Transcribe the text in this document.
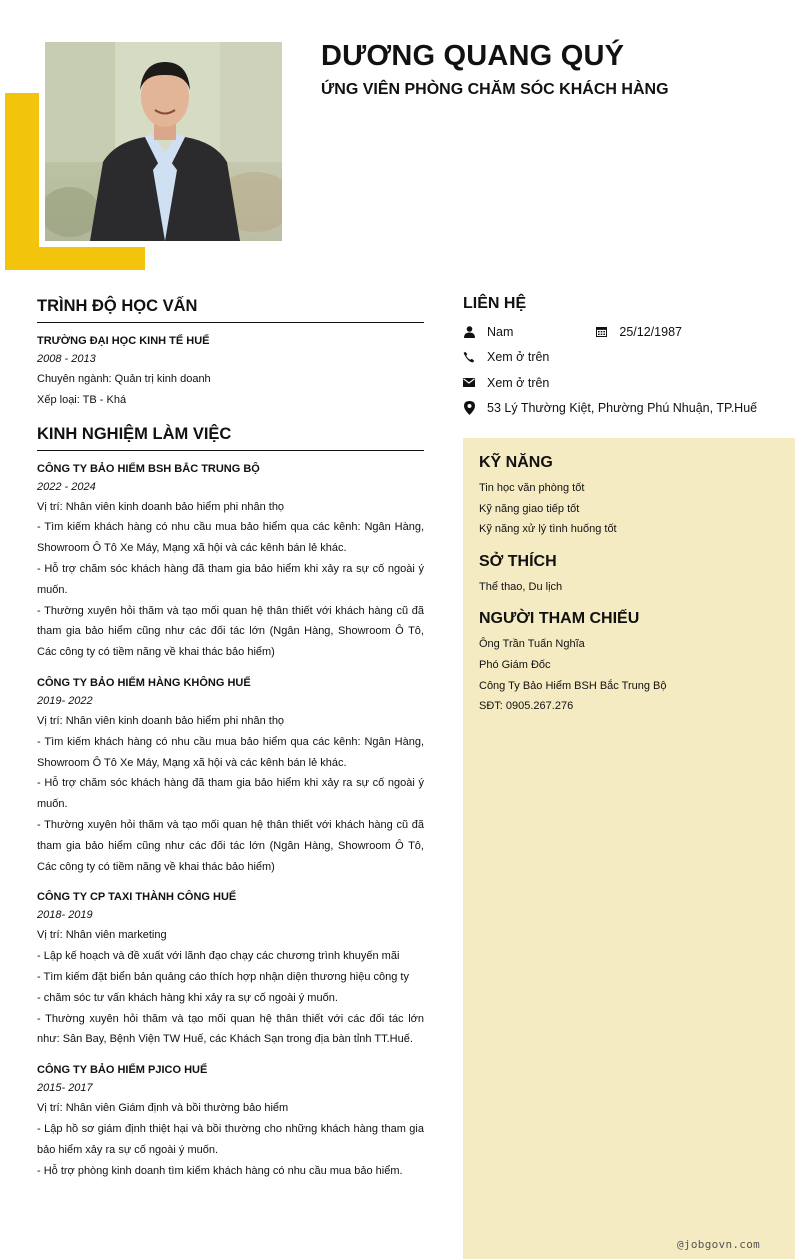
DƯƠNG QUANG QUÝ
ỨNG VIÊN PHÒNG CHĂM SÓC KHÁCH HÀNG
TRÌNH ĐỘ HỌC VẤN
TRƯỜNG ĐẠI HỌC KINH TẾ HUẾ
2008 - 2013
Chuyên ngành: Quản trị kinh doanh
Xếp loại: TB - Khá
KINH NGHIỆM LÀM VIỆC
CÔNG TY BẢO HIỂM BSH BẮC TRUNG BỘ
2022 - 2024
Vị trí: Nhân viên kinh doanh bảo hiểm phi nhân thọ
- Tìm kiếm khách hàng có nhu cầu mua bảo hiểm qua các kênh: Ngân Hàng, Showroom Ô Tô Xe Máy, Mạng xã hội và các kênh bán lẻ khác.
- Hỗ trợ chăm sóc khách hàng đã tham gia bảo hiểm khi xảy ra sự cố ngoài ý muốn.
- Thường xuyên hỏi thăm và tạo mối quan hệ thân thiết với khách hàng cũ đã tham gia bảo hiểm cũng như các đối tác lớn (Ngân Hàng, Showroom Ô Tô, Các công ty có tiềm năng về khai thác bảo hiểm)
CÔNG TY BẢO HIỂM HÀNG KHÔNG HUẾ
2019- 2022
Vị trí: Nhân viên kinh doanh bảo hiểm phi nhân thọ
- Tìm kiếm khách hàng có nhu cầu mua bảo hiểm qua các kênh: Ngân Hàng, Showroom Ô Tô Xe Máy, Mạng xã hội và các kênh bán lẻ khác.
- Hỗ trợ chăm sóc khách hàng đã tham gia bảo hiểm khi xảy ra sự cố ngoài ý muốn.
- Thường xuyên hỏi thăm và tạo mối quan hệ thân thiết với khách hàng cũ đã tham gia bảo hiểm cũng như các đối tác lớn (Ngân Hàng, Showroom Ô Tô, Các công ty có tiềm năng về khai thác bảo hiểm)
CÔNG TY CP TAXI THÀNH CÔNG HUẾ
2018- 2019
Vị trí: Nhân viên marketing
- Lập kế hoạch và đề xuất với lãnh đạo chạy các chương trình khuyến mãi
- Tìm kiếm đặt biển bản quảng cáo thích hợp nhận diện thương hiệu công ty
- chăm sóc tư vấn khách hàng khi xảy ra sự cố ngoài ý muốn.
- Thường xuyên hỏi thăm và tạo mối quan hệ thân thiết với các đối tác lớn như: Sân Bay, Bệnh Viện TW Huế, các Khách Sạn trong địa bàn tỉnh TT.Huế.
CÔNG TY BẢO HIỂM PJICO HUẾ
2015- 2017
Vị trí: Nhân viên Giám định và bồi thường bảo hiểm
- Lập hồ sơ giám định thiệt hại và bồi thường cho những khách hàng tham gia bảo hiểm xảy ra sự cố ngoài ý muốn.
- Hỗ trợ phòng kinh doanh tìm kiếm khách hàng có nhu cầu mua bảo hiểm.
LIÊN HỆ
Nam	25/12/1987
Xem ở trên
Xem ở trên
53 Lý Thường Kiệt, Phường Phú Nhuận, TP.Huế
KỸ NĂNG
Tin học văn phòng tốt
Kỹ năng giao tiếp tốt
Kỹ năng xử lý tình huống tốt
SỞ THÍCH
Thể thao, Du lịch
NGƯỜI THAM CHIẾU
Ông Trần Tuấn Nghĩa
Phó Giám Đốc
Công Ty Bảo Hiểm BSH Bắc Trung Bộ
SĐT: 0905.267.276
@jobgovn.com
